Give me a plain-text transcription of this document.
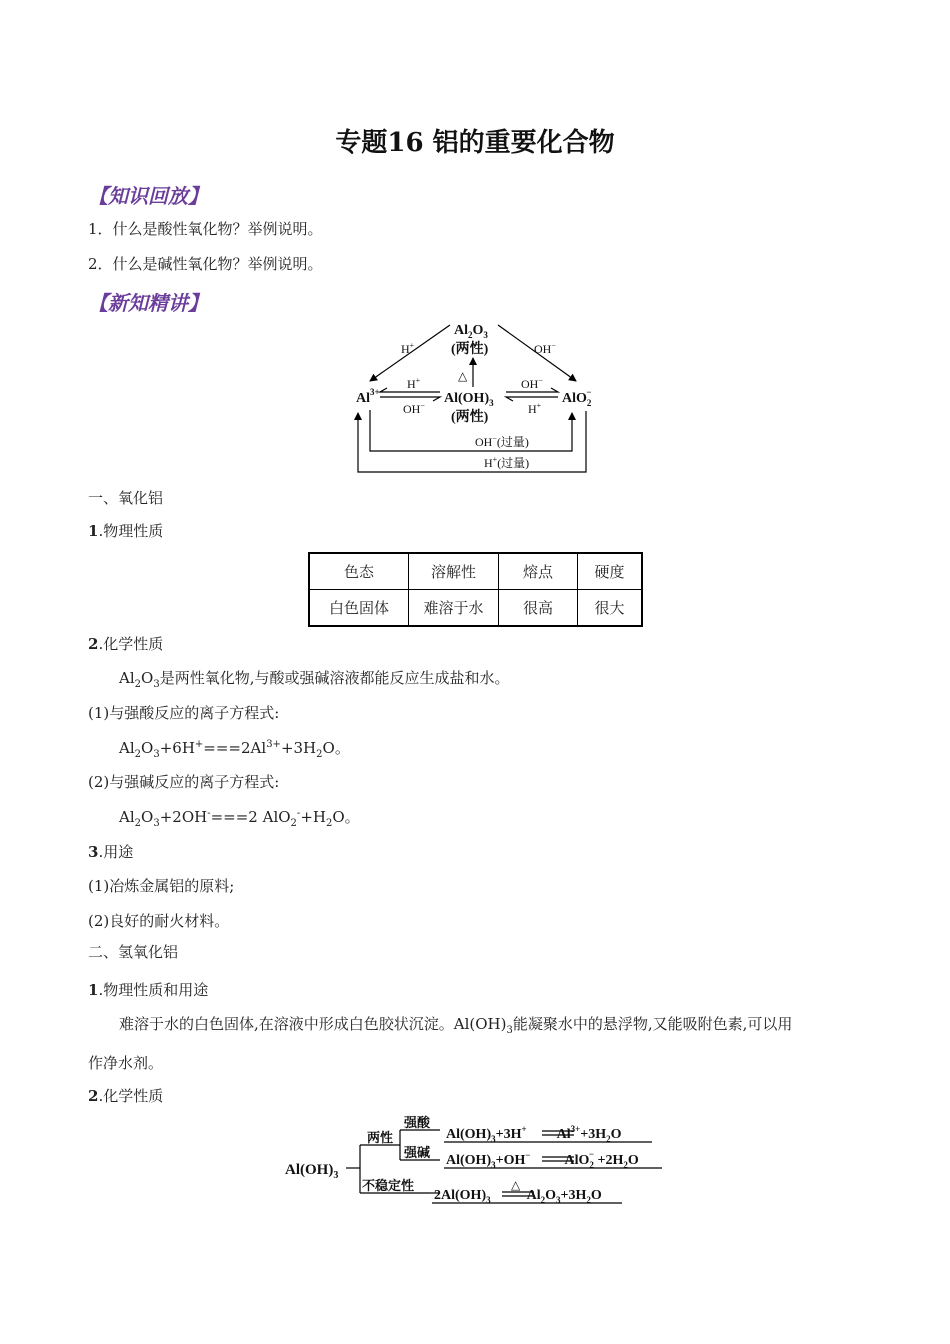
专题16 铝的重要化合物
【知识回放】
1．什么是酸性氧化物？举例说明。
2．什么是碱性氧化物？举例说明。
【新知精讲】
$Al_2O_3$
(两性)
$Al^{3+}$	$Al(OH)_3$
(两性)
AlO$_2$−
H+	OH−
△
H+
OH−
OH−
H+
OH−(过量)
H+(过量)
一、氧化铝
1.物理性质
色态	溶解性	熔点	硬度
白色固体	难溶于水	很高	很大
2.化学性质
$Al_2O_3$是两性氧化物,与酸或强碱溶液都能反应生成盐和水。
(1)与强酸反应的离子方程式:
$Al_2O_3+6H^+===2Al^{3+}+3H_2O$。
(2)与强碱反应的离子方程式:
$Al_2O_3+2OH^-===2$ $AlO_2^-+H_2O$。
3.用途
(1)冶炼金属铝的原料;
(2)良好的耐火材料。
二、氢氧化铝
1.物理性质和用途
难溶于水的白色固体,在溶液中形成白色胶状沉淀。$Al(OH)_3$能凝聚水中的悬浮物,又能吸附色素,可以用
作净水剂。
2.化学性质
$Al(OH)_3$
两性
强酸
强碱
不稳定性
$Al(OH)_3+3H^+$ $Al^{3+}+3H_2O$
$Al(OH)_3+OH^-$ $AlO_2- +2H_2O$
$2Al(OH)_3$	$Al_2O_3+3H_2O$
△
